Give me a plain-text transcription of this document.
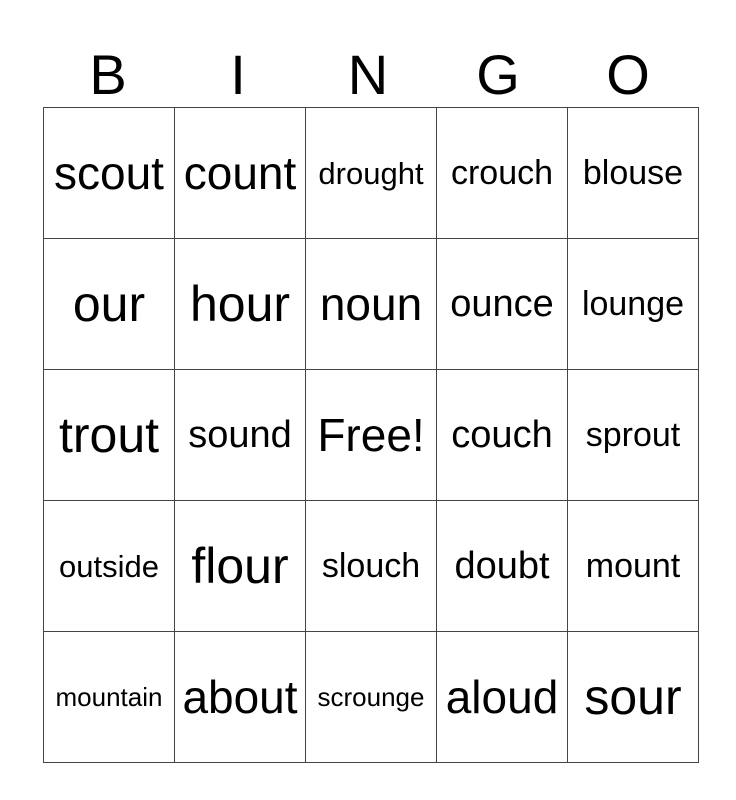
B	I	N	G	O
scout	count	drought	crouch	blouse
our	hour	noun	ounce	lounge
trout	sound	Free!	couch	sprout
outside	flour	slouch	doubt	mount
mountain	about	scrounge	aloud	sour
